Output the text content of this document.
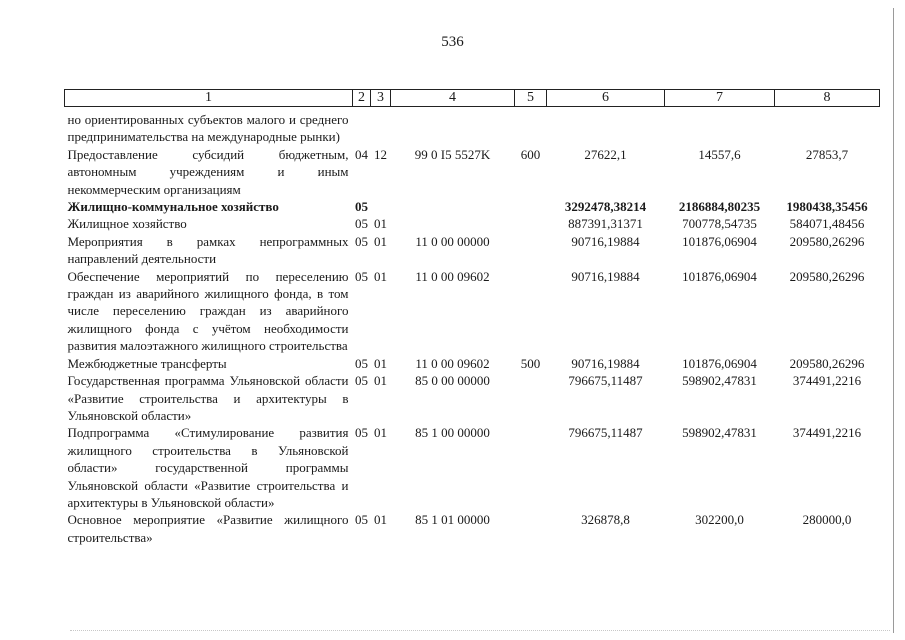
536
1	2	3	4	5	6	7	8

но ориентированных субъектов малого и среднего предпринимательства на международные рынки)							
Предоставление субсидий бюджетным, автономным учреждениям и иным некоммерческим организациям	04	12	99 0 I5 5527K	600	27622,1	14557,6	27853,7
Жилищно-коммунальное хозяйство	05				3292478,38214	2186884,80235	1980438,35456
Жилищное хозяйство	05	01			887391,31371	700778,54735	584071,48456
Мероприятия в рамках непрограммных направлений деятельности	05	01	11 0 00 00000		90716,19884	101876,06904	209580,26296
Обеспечение мероприятий по переселению граждан из аварийного жилищного фонда, в том числе переселению граждан из аварийного жилищного фонда с учётом необходимости развития малоэтажного жилищного строительства	05	01	11 0 00 09602		90716,19884	101876,06904	209580,26296
Межбюджетные трансферты	05	01	11 0 00 09602	500	90716,19884	101876,06904	209580,26296
Государственная программа Ульяновской области «Развитие строительства и архитектуры в Ульяновской области»	05	01	85 0 00 00000		796675,11487	598902,47831	374491,2216
Подпрограмма «Стимулирование развития жилищного строительства в Ульяновской области» государственной программы Ульяновской области «Развитие строительства и архитектуры в Ульяновской области»	05	01	85 1 00 00000		796675,11487	598902,47831	374491,2216
Основное мероприятие «Развитие жилищного строительства»	05	01	85 1 01 00000		326878,8	302200,0	280000,0
